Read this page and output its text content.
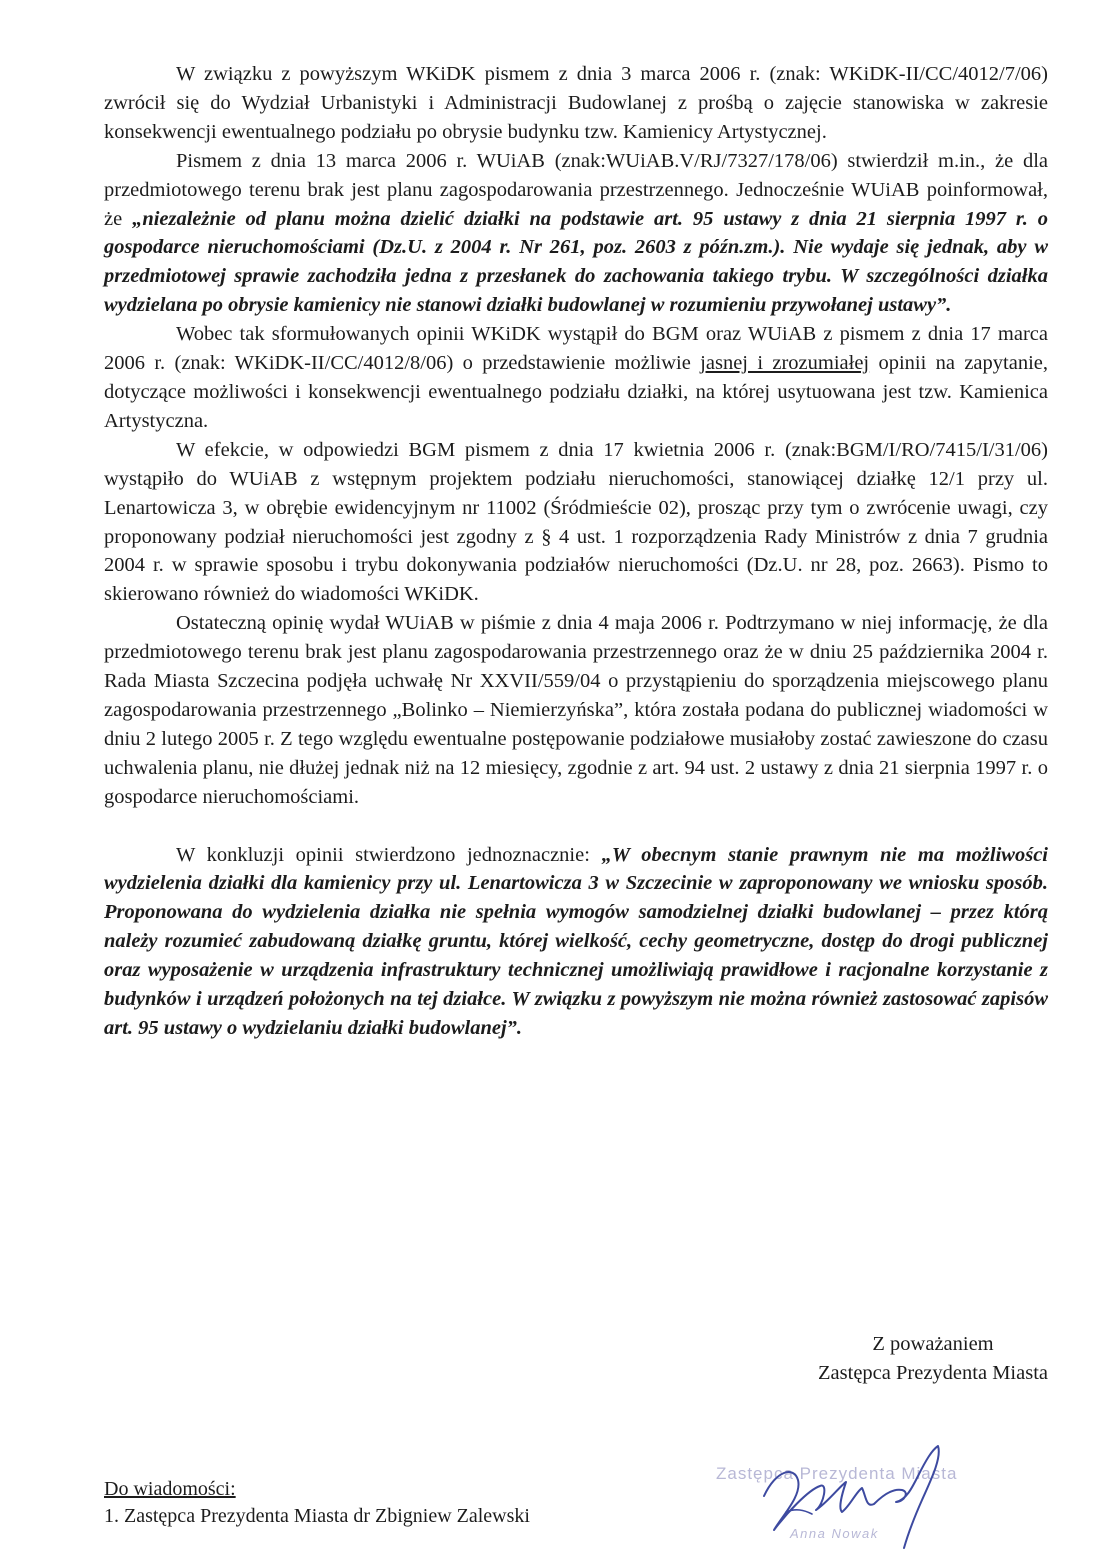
W związku z powyższym WKiDK pismem z dnia 3 marca 2006 r. (znak: WKiDK-II/CC/4012/7/06) zwrócił się do Wydział Urbanistyki i Administracji Budowlanej z prośbą o zajęcie stanowiska w zakresie konsekwencji ewentualnego podziału po obrysie budynku tzw. Kamienicy Artystycznej.

Pismem z dnia 13 marca 2006 r. WUiAB (znak:WUiAB.V/RJ/7327/178/06) stwierdził m.in., że dla przedmiotowego terenu brak jest planu zagospodarowania przestrzennego. Jednocześnie WUiAB poinformował, że „niezależnie od planu można dzielić działki na podstawie art. 95 ustawy z dnia 21 sierpnia 1997 r. o gospodarce nieruchomościami (Dz.U. z 2004 r. Nr 261, poz. 2603 z późn.zm.). Nie wydaje się jednak, aby w przedmiotowej sprawie zachodziła jedna z przesłanek do zachowania takiego trybu. W szczególności działka wydzielana po obrysie kamienicy nie stanowi działki budowlanej w rozumieniu przywołanej ustawy”.

Wobec tak sformułowanych opinii WKiDK wystąpił do BGM oraz WUiAB z pismem z dnia 17 marca 2006 r. (znak: WKiDK-II/CC/4012/8/06) o przedstawienie możliwie jasnej i zrozumiałej opinii na zapytanie, dotyczące możliwości i konsekwencji ewentualnego podziału działki, na której usytuowana jest tzw. Kamienica Artystyczna.

W efekcie, w odpowiedzi BGM pismem z dnia 17 kwietnia 2006 r. (znak:BGM/I/RO/7415/I/31/06) wystąpiło do WUiAB z wstępnym projektem podziału nieruchomości, stanowiącej działkę 12/1 przy ul. Lenartowicza 3, w obrębie ewidencyjnym nr 11002 (Śródmieście 02), prosząc przy tym o zwrócenie uwagi, czy proponowany podział nieruchomości jest zgodny z § 4 ust. 1 rozporządzenia Rady Ministrów z dnia 7 grudnia 2004 r. w sprawie sposobu i trybu dokonywania podziałów nieruchomości (Dz.U. nr 28, poz. 2663). Pismo to skierowano również do wiadomości WKiDK.

Ostateczną opinię wydał WUiAB w piśmie z dnia 4 maja 2006 r. Podtrzymano w niej informację, że dla przedmiotowego terenu brak jest planu zagospodarowania przestrzennego oraz że w dniu 25 października 2004 r. Rada Miasta Szczecina podjęła uchwałę Nr XXVII/559/04 o przystąpieniu do sporządzenia miejscowego planu zagospodarowania przestrzennego „Bolinko – Niemierzyńska”, która została podana do publicznej wiadomości w dniu 2 lutego 2005 r. Z tego względu ewentualne postępowanie podziałowe musiałoby zostać zawieszone do czasu uchwalenia planu, nie dłużej jednak niż na 12 miesięcy, zgodnie z art. 94 ust. 2 ustawy z dnia 21 sierpnia 1997 r. o gospodarce nieruchomościami.

W konkluzji opinii stwierdzono jednoznacznie: „W obecnym stanie prawnym nie ma możliwości wydzielenia działki dla kamienicy przy ul. Lenartowicza 3 w Szczecinie w zaproponowany we wniosku sposób. Proponowana do wydzielenia działka nie spełnia wymogów samodzielnej działki budowlanej – przez którą należy rozumieć zabudowaną działkę gruntu, której wielkość, cechy geometryczne, dostęp do drogi publicznej oraz wyposażenie w urządzenia infrastruktury technicznej umożliwiają prawidłowe i racjonalne korzystanie z budynków i urządzeń położonych na tej działce. W związku z powyższym nie można również zastosować zapisów art. 95 ustawy o wydzielaniu działki budowlanej”.

Z poważaniem
Zastępca Prezydenta Miasta
Zastępca Prezydenta Miasta
Anna Nowak
Do wiadomości:
1. Zastępca Prezydenta Miasta dr Zbigniew Zalewski
